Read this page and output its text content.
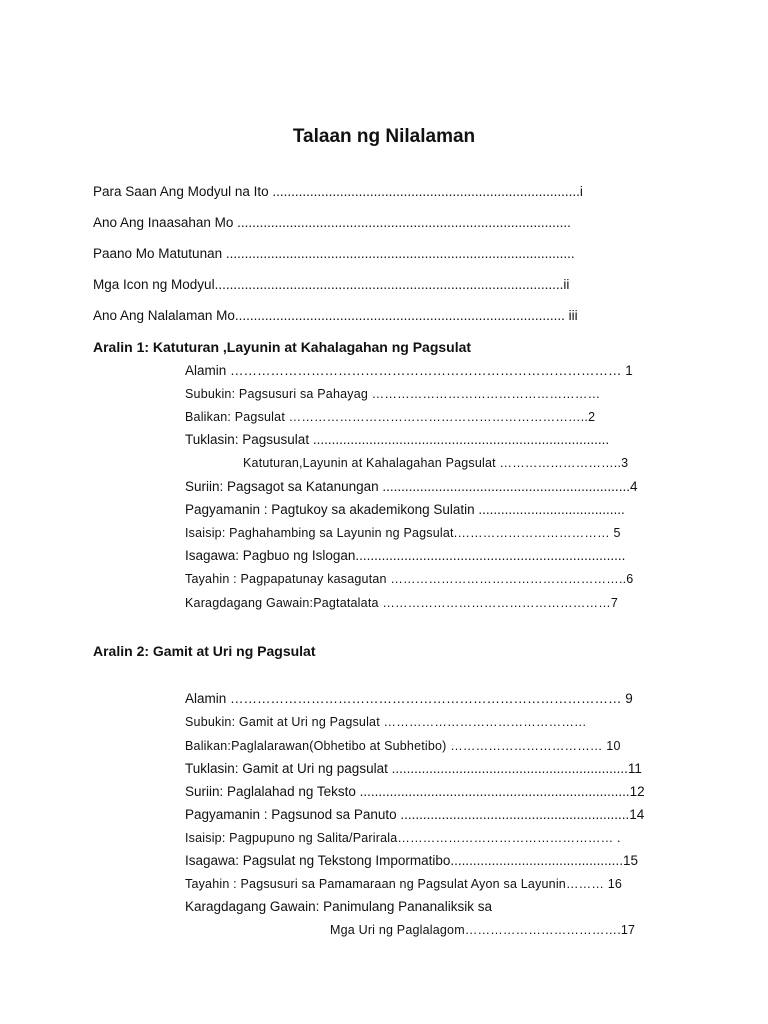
Talaan ng Nilalaman
Para Saan Ang Modyul na Ito ..................................................................................i
Ano Ang Inaasahan Mo .........................................................................................
Paano Mo Matutunan .............................................................................................
Mga Icon ng Modyul.............................................................................................ii
Ano Ang Nalalaman Mo........................................................................................ iii
Aralin 1: Katuturan ,Layunin at Kahalagahan ng Pagsulat
Alamin …………………………………………………………………………… 1
Subukin: Pagsusuri sa Pahayag ………………………………………………
Balikan: Pagsulat ……………………………………………………………..2
Tuklasin: Pagsusulat ...............................................................................
Katuturan,Layunin at Kahalagahan Pagsulat ………………………..3
Suriin: Pagsagot sa Katanungan ..................................................................4
Pagyamanin : Pagtukoy sa akademikong Sulatin .......................................
Isaisip: Paghahambing sa Layunin ng Pagsulat.……………………………… 5
Isagawa: Pagbuo ng Islogan........................................................................
Tayahin : Pagpapatunay kasagutan ………………………………………………..6
Karagdagang Gawain:Pagtatalata ………………………………………………7
Aralin 2: Gamit at Uri ng Pagsulat
Alamin …………………………………………………………………………… 9
Subukin: Gamit at Uri ng Pagsulat …………………………………………
Balikan:Paglalarawan(Obhetibo at Subhetibo) ……………………………… 10
Tuklasin: Gamit at Uri ng pagsulat ...............................................................11
Suriin: Paglalahad ng Teksto ........................................................................12
Pagyamanin : Pagsunod sa Panuto .............................................................14
Isaisip: Pagpupuno ng Salita/Parirala…………………………………………… .
Isagawa: Pagsulat ng Tekstong Impormatibo..............................................15
Tayahin : Pagsusuri sa Pamamaraan ng Pagsulat Ayon sa Layunin……… 16
Karagdagang Gawain: Panimulang Pananaliksik sa
Mga Uri ng Paglalagom……………………………….17
